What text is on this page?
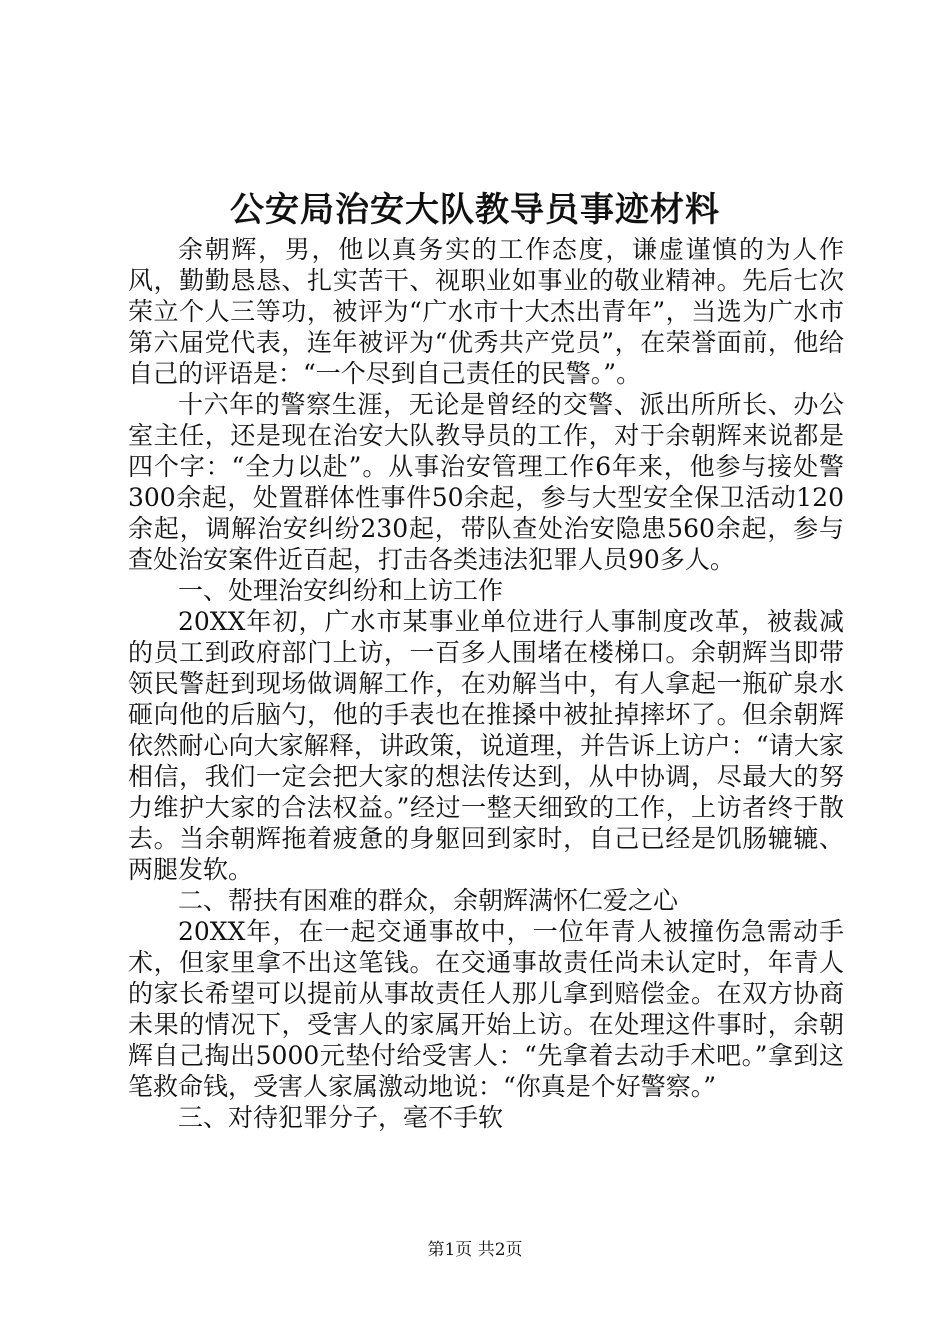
公安局治安大队教导员事迹材料

余朝辉，男，他以真务实的工作态度，谦虚谨慎的为人作风，勤勤恳恳、扎实苦干、视职业如事业的敬业精神。先后七次荣立个人三等功，被评为“广水市十大杰出青年”，当选为广水市第六届党代表，连年被评为“优秀共产党员”，在荣誉面前，他给自己的评语是：“一个尽到自己责任的民警。”。

十六年的警察生涯，无论是曾经的交警、派出所所长、办公室主任，还是现在治安大队教导员的工作，对于余朝辉来说都是四个字：“全力以赴”。从事治安管理工作6年来，他参与接处警300余起，处置群体性事件50余起，参与大型安全保卫活动120余起，调解治安纠纷230起，带队查处治安隐患560余起，参与查处治安案件近百起，打击各类违法犯罪人员90多人。

一、处理治安纠纷和上访工作

20XX年初，广水市某事业单位进行人事制度改革，被裁减的员工到政府部门上访，一百多人围堵在楼梯口。余朝辉当即带领民警赶到现场做调解工作，在劝解当中，有人拿起一瓶矿泉水砸向他的后脑勺，他的手表也在推搡中被扯掉摔坏了。但余朝辉依然耐心向大家解释，讲政策，说道理，并告诉上访户：“请大家相信，我们一定会把大家的想法传达到，从中协调，尽最大的努力维护大家的合法权益。”经过一整天细致的工作，上访者终于散去。当余朝辉拖着疲惫的身躯回到家时，自己已经是饥肠辘辘、两腿发软。

二、帮扶有困难的群众，余朝辉满怀仁爱之心

20XX年，在一起交通事故中，一位年青人被撞伤急需动手术，但家里拿不出这笔钱。在交通事故责任尚未认定时，年青人的家长希望可以提前从事故责任人那儿拿到赔偿金。在双方协商未果的情况下，受害人的家属开始上访。在处理这件事时，余朝辉自己掏出5000元垫付给受害人：“先拿着去动手术吧。”拿到这笔救命钱，受害人家属激动地说：“你真是个好警察。”

三、对待犯罪分子，毫不手软

第1页 共2页
